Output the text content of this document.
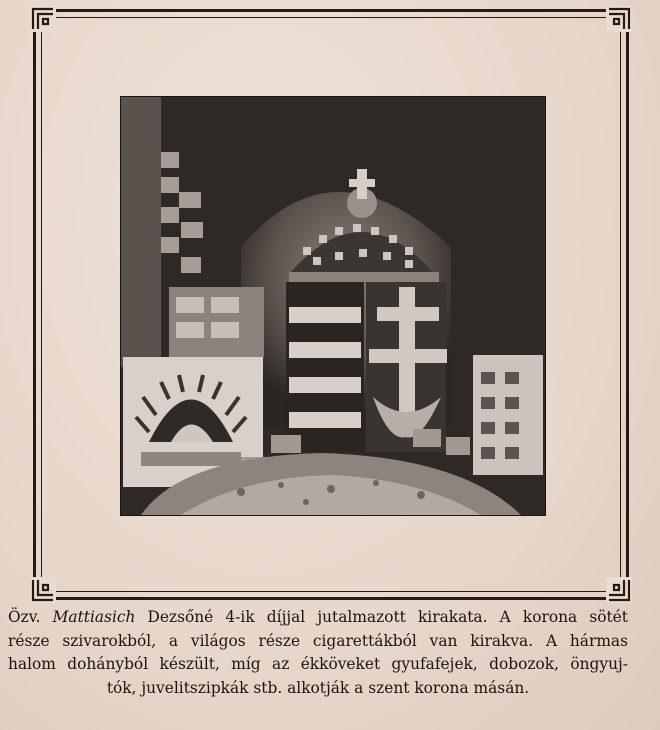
Özv. Mattiasich Dezsőné 4-ik díjjal jutalmazott kirakata. A korona sötét
része szivarokból, a világos része cigarettákból van kirakva. A hármas
halom dohányból készült, míg az ékköveket gyufafejek, dobozok, öngyuj-
tók, juvelitszipkák stb. alkotják a szent korona másán.
